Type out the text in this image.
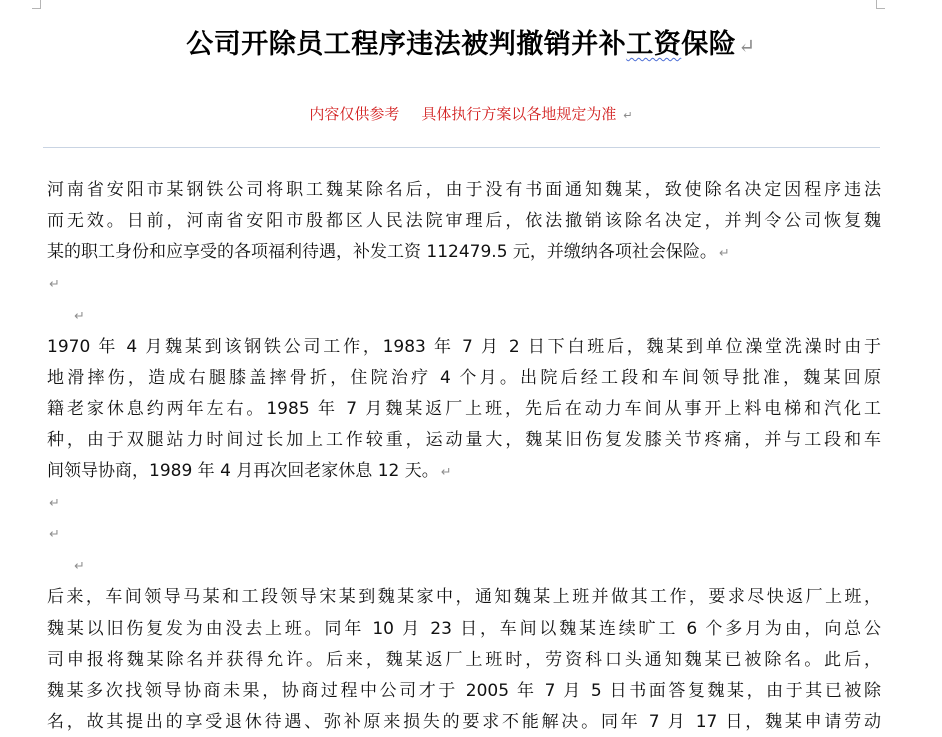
公司开除员工程序违法被判撤销并补工资保险↵
内容仅供参考 具体执行方案以各地规定为准 ↵
河南省安阳市某钢铁公司将职工魏某除名后，由于没有书面通知魏某，致使除名决定因程序违法
而无效。日前，河南省安阳市殷都区人民法院审理后，依法撤销该除名决定，并判令公司恢复魏
某的职工身份和应享受的各项福利待遇，补发工资 112479.5 元，并缴纳各项社会保险。 ↵
↵
↵
1970 年 4 月魏某到该钢铁公司工作，1983 年 7 月 2 日下白班后，魏某到单位澡堂洗澡时由于
地滑摔伤，造成右腿膝盖摔骨折，住院治疗 4 个月。出院后经工段和车间领导批准，魏某回原
籍老家休息约两年左右。1985 年 7 月魏某返厂上班，先后在动力车间从事开上料电梯和汽化工
种，由于双腿站力时间过长加上工作较重，运动量大，魏某旧伤复发膝关节疼痛，并与工段和车
间领导协商，1989 年 4 月再次回老家休息 12 天。 ↵
↵
↵
↵
后来，车间领导马某和工段领导宋某到魏某家中，通知魏某上班并做其工作，要求尽快返厂上班，
魏某以旧伤复发为由没去上班。同年 10 月 23 日，车间以魏某连续旷工 6 个多月为由，向总公
司申报将魏某除名并获得允许。后来，魏某返厂上班时，劳资科口头通知魏某已被除名。此后，
魏某多次找领导协商未果，协商过程中公司才于 2005 年 7 月 5 日书面答复魏某，由于其已被除
名，故其提出的享受退休待遇、弥补原来损失的要求不能解决。同年 7 月 17 日，魏某申请劳动
